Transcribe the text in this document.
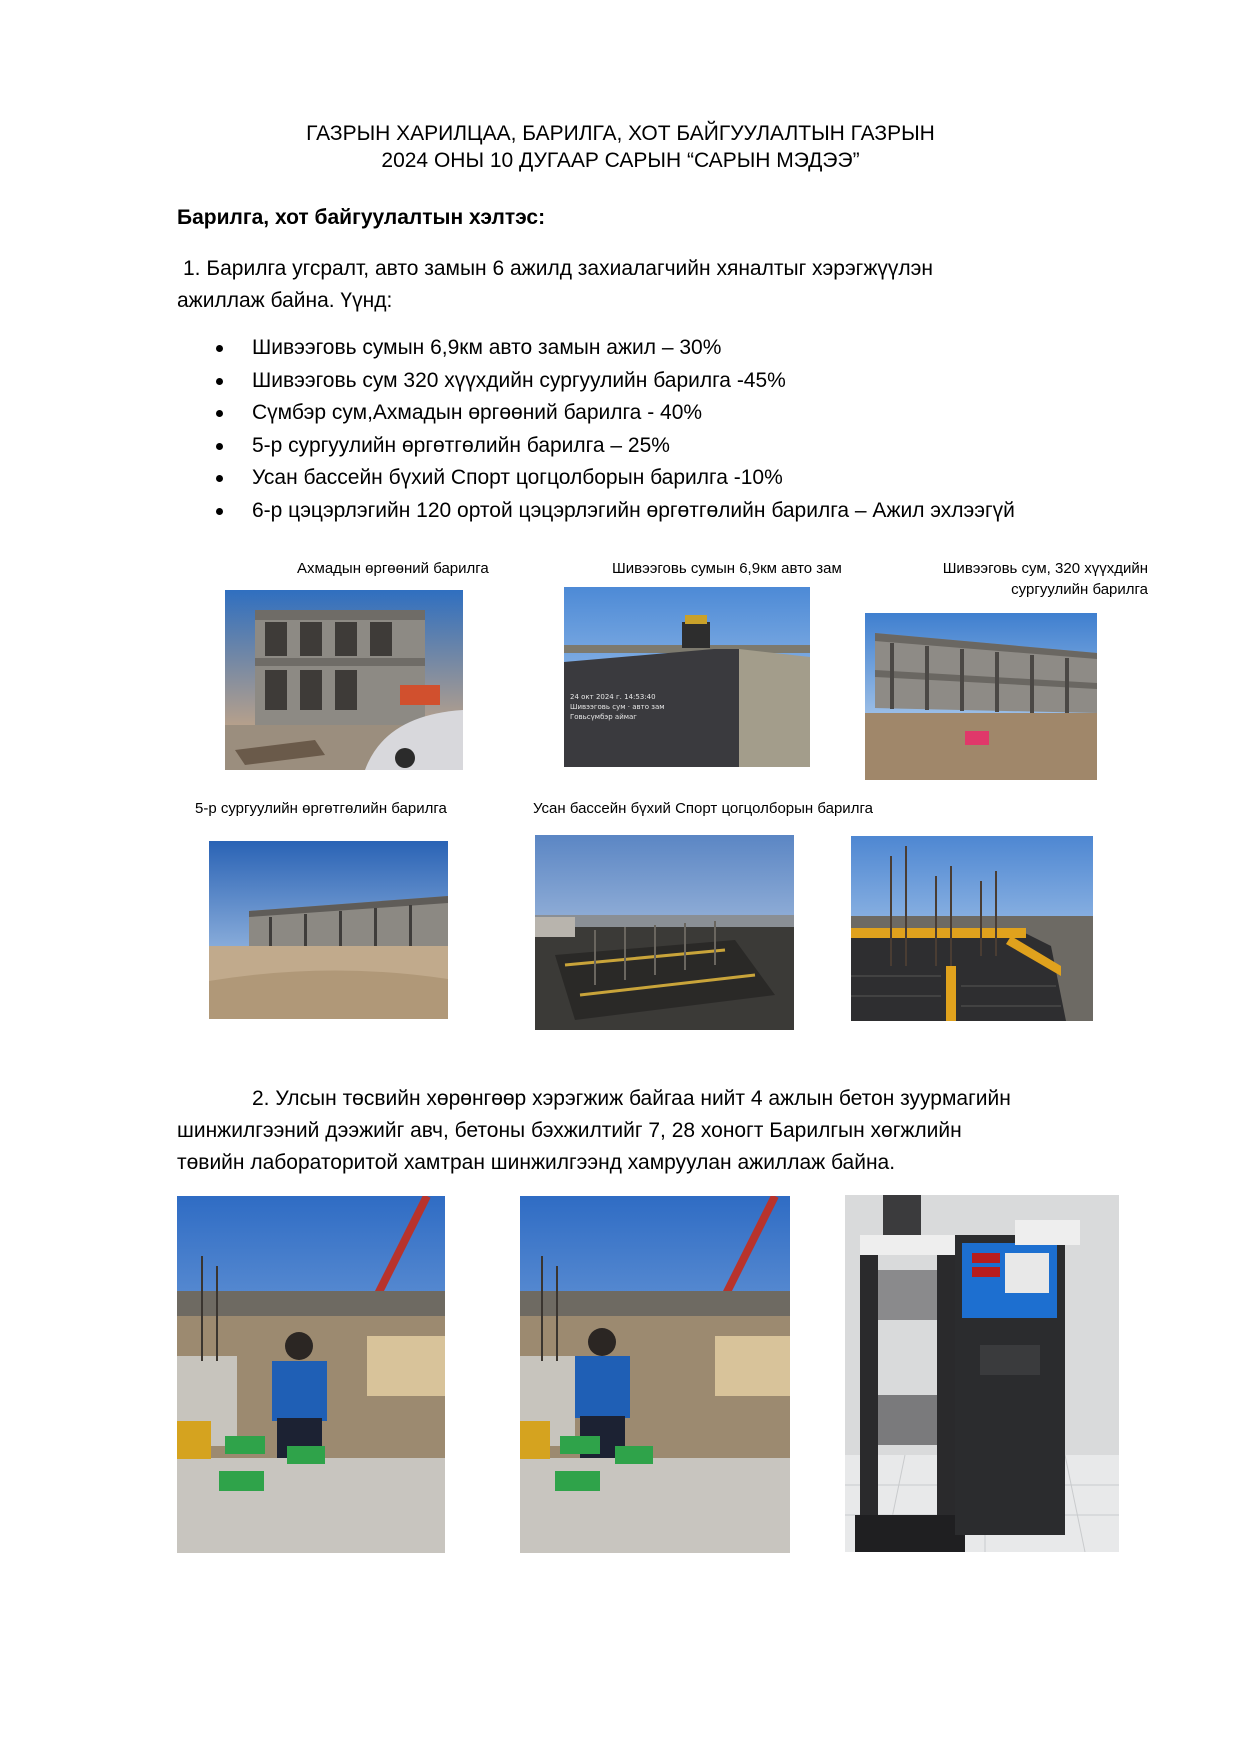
ГАЗРЫН ХАРИЛЦАА, БАРИЛГА, ХОТ БАЙГУУЛАЛТЫН ГАЗРЫН
2024 ОНЫ 10 ДУГААР САРЫН “САРЫН МЭДЭЭ”
Барилга, хот байгуулалтын хэлтэс:
1. Барилга угсралт, авто замын 6 ажилд захиалагчийн хяналтыг хэрэгжүүлэн
ажиллаж байна. Үүнд:
Шивээговь сумын 6,9км авто замын ажил – 30%
Шивээговь сум 320 хүүхдийн сургуулийн барилга -45%
Сүмбэр сум,Ахмадын өргөөний барилга - 40%
5-р сургуулийн өргөтгөлийн барилга – 25%
Усан бассейн бүхий Спорт цогцолборын барилга -10%
6-р цэцэрлэгийн 120 ортой цэцэрлэгийн өргөтгөлийн барилга – Ажил эхлээгүй
Ахмадын өргөөний барилга	Шивээговь сумын 6,9км авто зам	Шивээговь сум, 320 хүүхдийн
сургуулийн барилга
24 окт 2024 г. 14:53:40
Шивээговь сум · авто зам
Говьсүмбэр аймаг
5-р сургуулийн өргөтгөлийн барилга	Усан бассейн бүхий Спорт цогцолборын барилга
2. Улсын төсвийн хөрөнгөөр хэрэгжиж байгаа нийт 4 ажлын бетон зуурмагийн
шинжилгээний дээжийг авч, бетоны бэхжилтийг 7, 28 хоногт Барилгын хөгжлийн
төвийн лабораторитой хамтран шинжилгээнд хамруулан ажиллаж байна.
